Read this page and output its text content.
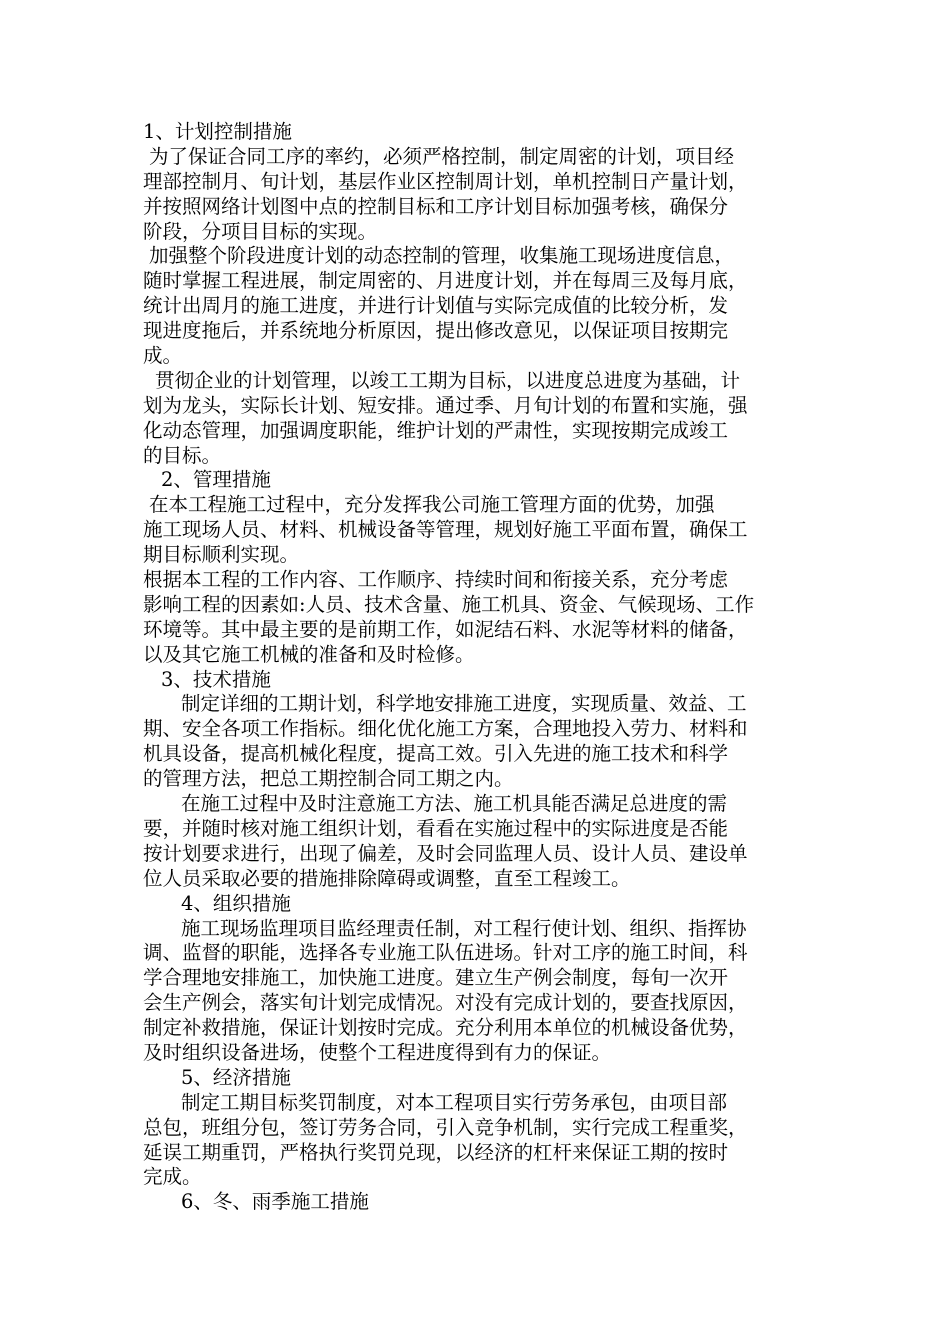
1、计划控制措施
为了保证合同工序的率约，必须严格控制，制定周密的计划，项目经
理部控制月、旬计划，基层作业区控制周计划，单机控制日产量计划，
并按照网络计划图中点的控制目标和工序计划目标加强考核，确保分
阶段，分项目目标的实现。
加强整个阶段进度计划的动态控制的管理，收集施工现场进度信息，
随时掌握工程进展，制定周密的、月进度计划，并在每周三及每月底，
统计出周月的施工进度，并进行计划值与实际完成值的比较分析，发
现进度拖后，并系统地分析原因，提出修改意见，以保证项目按期完
成。
贯彻企业的计划管理，以竣工工期为目标，以进度总进度为基础，计
划为龙头，实际长计划、短安排。通过季、月旬计划的布置和实施，强
化动态管理，加强调度职能，维护计划的严肃性，实现按期完成竣工
的目标。
2、管理措施
在本工程施工过程中，充分发挥我公司施工管理方面的优势，加强
施工现场人员、材料、机械设备等管理，规划好施工平面布置，确保工
期目标顺利实现。
根据本工程的工作内容、工作顺序、持续时间和衔接关系，充分考虑
影响工程的因素如:人员、技术含量、施工机具、资金、气候现场、工作
环境等。其中最主要的是前期工作，如泥结石料、水泥等材料的储备，
以及其它施工机械的准备和及时检修。
3、技术措施
制定详细的工期计划，科学地安排施工进度，实现质量、效益、工
期、安全各项工作指标。细化优化施工方案，合理地投入劳力、材料和
机具设备，提高机械化程度，提高工效。引入先进的施工技术和科学
的管理方法，把总工期控制合同工期之内。
在施工过程中及时注意施工方法、施工机具能否满足总进度的需
要，并随时核对施工组织计划，看看在实施过程中的实际进度是否能
按计划要求进行，出现了偏差，及时会同监理人员、设计人员、建设单
位人员采取必要的措施排除障碍或调整，直至工程竣工。
4、组织措施
施工现场监理项目监经理责任制，对工程行使计划、组织、指挥协
调、监督的职能，选择各专业施工队伍进场。针对工序的施工时间，科
学合理地安排施工，加快施工进度。建立生产例会制度，每旬一次开
会生产例会，落实旬计划完成情况。对没有完成计划的，要查找原因，
制定补救措施，保证计划按时完成。充分利用本单位的机械设备优势，
及时组织设备进场，使整个工程进度得到有力的保证。
5、经济措施
制定工期目标奖罚制度，对本工程项目实行劳务承包，由项目部
总包，班组分包，签订劳务合同，引入竞争机制，实行完成工程重奖，
延误工期重罚，严格执行奖罚兑现，以经济的杠杆来保证工期的按时
完成。
6、冬、雨季施工措施
